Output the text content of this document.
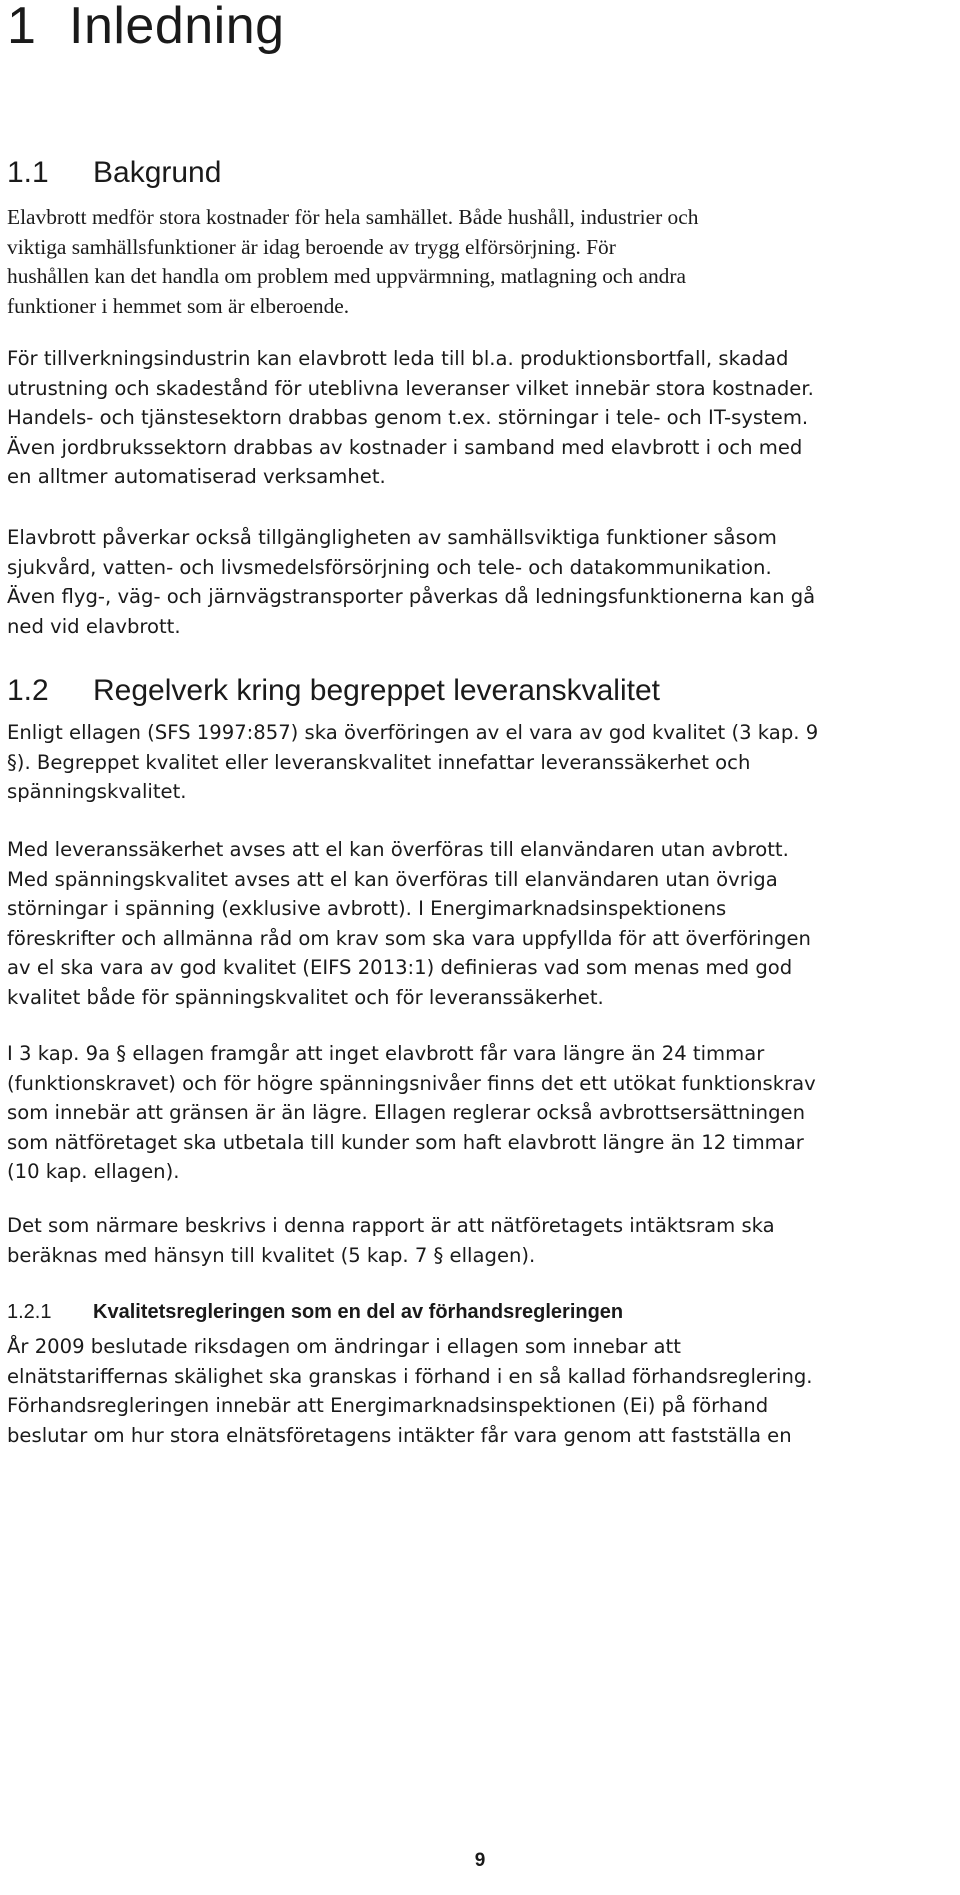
1 Inledning
1.1 Bakgrund

Elavbrott medför stora kostnader för hela samhället. Både hushåll, industrier och
viktiga samhällsfunktioner är idag beroende av trygg elförsörjning. För
hushållen kan det handla om problem med uppvärmning, matlagning och andra
funktioner i hemmet som är elberoende.

För tillverkningsindustrin kan elavbrott leda till bl.a. produktionsbortfall, skadad
utrustning och skadestånd för uteblivna leveranser vilket innebär stora kostnader.
Handels- och tjänstesektorn drabbas genom t.ex. störningar i tele- och IT-system.
Även jordbrukssektorn drabbas av kostnader i samband med elavbrott i och med
en alltmer automatiserad verksamhet.

Elavbrott påverkar också tillgängligheten av samhällsviktiga funktioner såsom
sjukvård, vatten- och livsmedelsförsörjning och tele- och datakommunikation.
Även flyg-, väg- och järnvägstransporter påverkas då ledningsfunktionerna kan gå
ned vid elavbrott.

1.2 Regelverk kring begreppet leveranskvalitet

Enligt ellagen (SFS 1997:857) ska överföringen av el vara av god kvalitet (3 kap. 9
§). Begreppet kvalitet eller leveranskvalitet innefattar leveranssäkerhet och
spänningskvalitet.

Med leveranssäkerhet avses att el kan överföras till elanvändaren utan avbrott.
Med spänningskvalitet avses att el kan överföras till elanvändaren utan övriga
störningar i spänning (exklusive avbrott). I Energimarknadsinspektionens
föreskrifter och allmänna råd om krav som ska vara uppfyllda för att överföringen
av el ska vara av god kvalitet (EIFS 2013:1) definieras vad som menas med god
kvalitet både för spänningskvalitet och för leveranssäkerhet.

I 3 kap. 9a § ellagen framgår att inget elavbrott får vara längre än 24 timmar
(funktionskravet) och för högre spänningsnivåer finns det ett utökat funktionskrav
som innebär att gränsen är än lägre. Ellagen reglerar också avbrottsersättningen
som nätföretaget ska utbetala till kunder som haft elavbrott längre än 12 timmar
(10 kap. ellagen).

Det som närmare beskrivs i denna rapport är att nätföretagets intäktsram ska
beräknas med hänsyn till kvalitet (5 kap. 7 § ellagen).

1.2.1 Kvalitetsregleringen som en del av förhandsregleringen

År 2009 beslutade riksdagen om ändringar i ellagen som innebar att
elnätstariffernas skälighet ska granskas i förhand i en så kallad förhandsreglering.
Förhandsregleringen innebär att Energimarknadsinspektionen (Ei) på förhand
beslutar om hur stora elnätsföretagens intäkter får vara genom att fastställa en

9
